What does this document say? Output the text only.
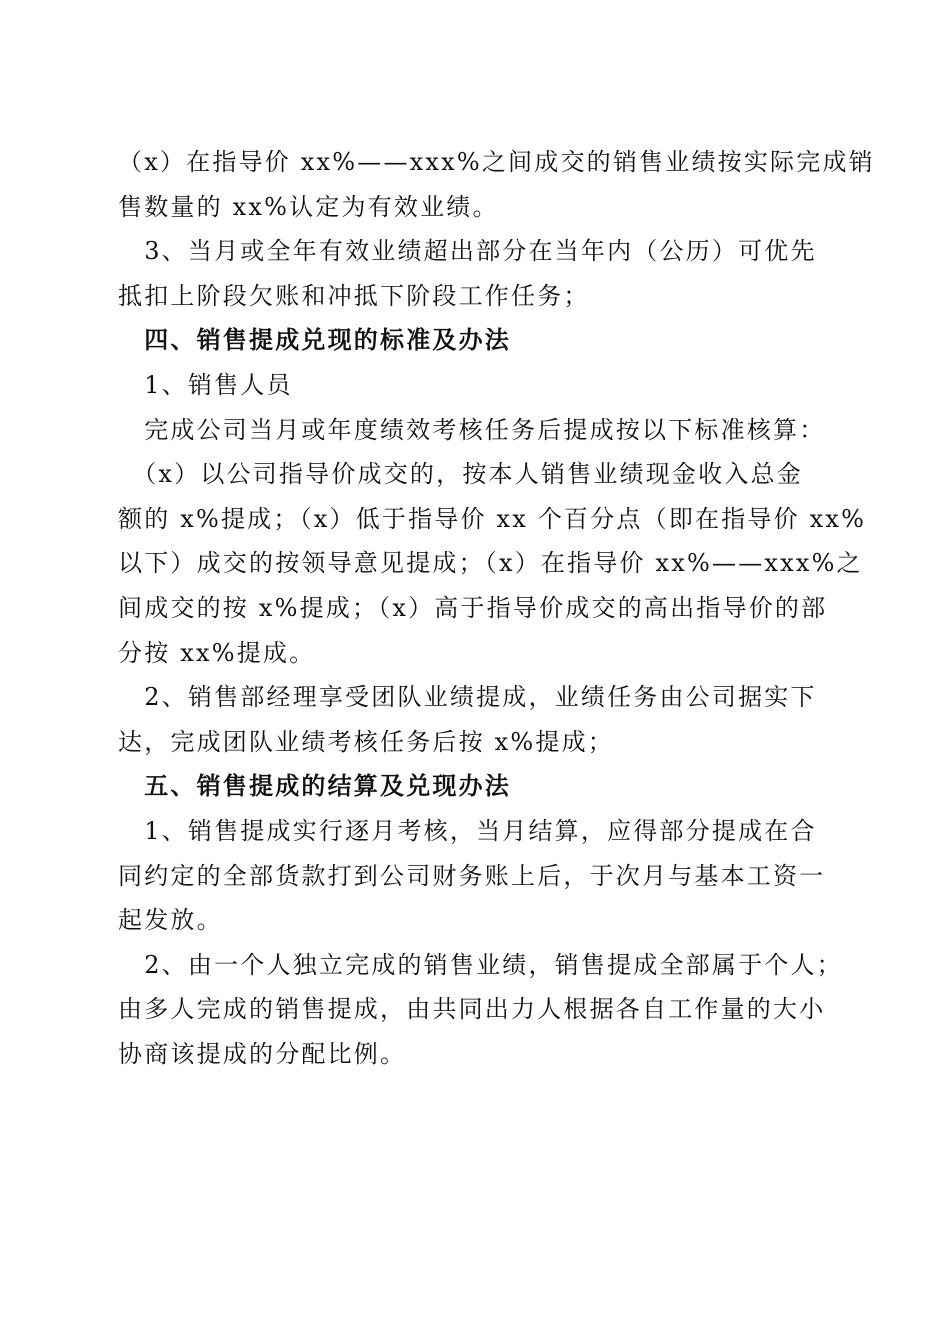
（x）在指导价 xx%——xxx%之间成交的销售业绩按实际完成销
售数量的 xx%认定为有效业绩。

　3、当月或全年有效业绩超出部分在当年内（公历）可优先
抵扣上阶段欠账和冲抵下阶段工作任务；

　四、销售提成兑现的标准及办法

　1、销售人员

　完成公司当月或年度绩效考核任务后提成按以下标准核算：

　（x）以公司指导价成交的，按本人销售业绩现金收入总金
额的 x%提成；（x）低于指导价 xx 个百分点（即在指导价 xx%
以下）成交的按领导意见提成；（x）在指导价 xx%——xxx%之
间成交的按 x%提成；（x）高于指导价成交的高出指导价的部
分按 xx%提成。

　2、销售部经理享受团队业绩提成，业绩任务由公司据实下
达，完成团队业绩考核任务后按 x%提成；

　五、销售提成的结算及兑现办法

　1、销售提成实行逐月考核，当月结算，应得部分提成在合
同约定的全部货款打到公司财务账上后，于次月与基本工资一
起发放。

　2、由一个人独立完成的销售业绩，销售提成全部属于个人；
由多人完成的销售提成，由共同出力人根据各自工作量的大小
协商该提成的分配比例。
